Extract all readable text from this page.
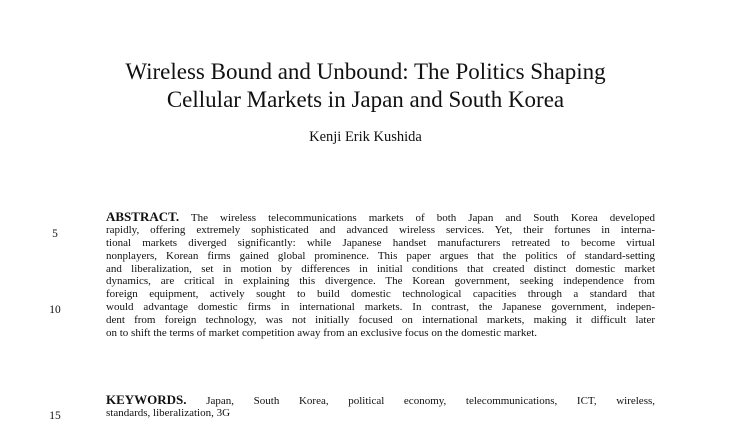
Wireless Bound and Unbound: The Politics Shaping
Cellular Markets in Japan and South Korea
Kenji Erik Kushida
5
10
15
ABSTRACT. The wireless telecommunications markets of both Japan and South Korea developed
rapidly, offering extremely sophisticated and advanced wireless services. Yet, their fortunes in interna-
tional markets diverged significantly: while Japanese handset manufacturers retreated to become virtual
nonplayers, Korean firms gained global prominence. This paper argues that the politics of standard-setting
and liberalization, set in motion by differences in initial conditions that created distinct domestic market
dynamics, are critical in explaining this divergence. The Korean government, seeking independence from
foreign equipment, actively sought to build domestic technological capacities through a standard that
would advantage domestic firms in international markets. In contrast, the Japanese government, indepen-
dent from foreign technology, was not initially focused on international markets, making it difficult later
on to shift the terms of market competition away from an exclusive focus on the domestic market.
KEYWORDS. Japan, South Korea, political economy, telecommunications, ICT, wireless,
standards, liberalization, 3G
